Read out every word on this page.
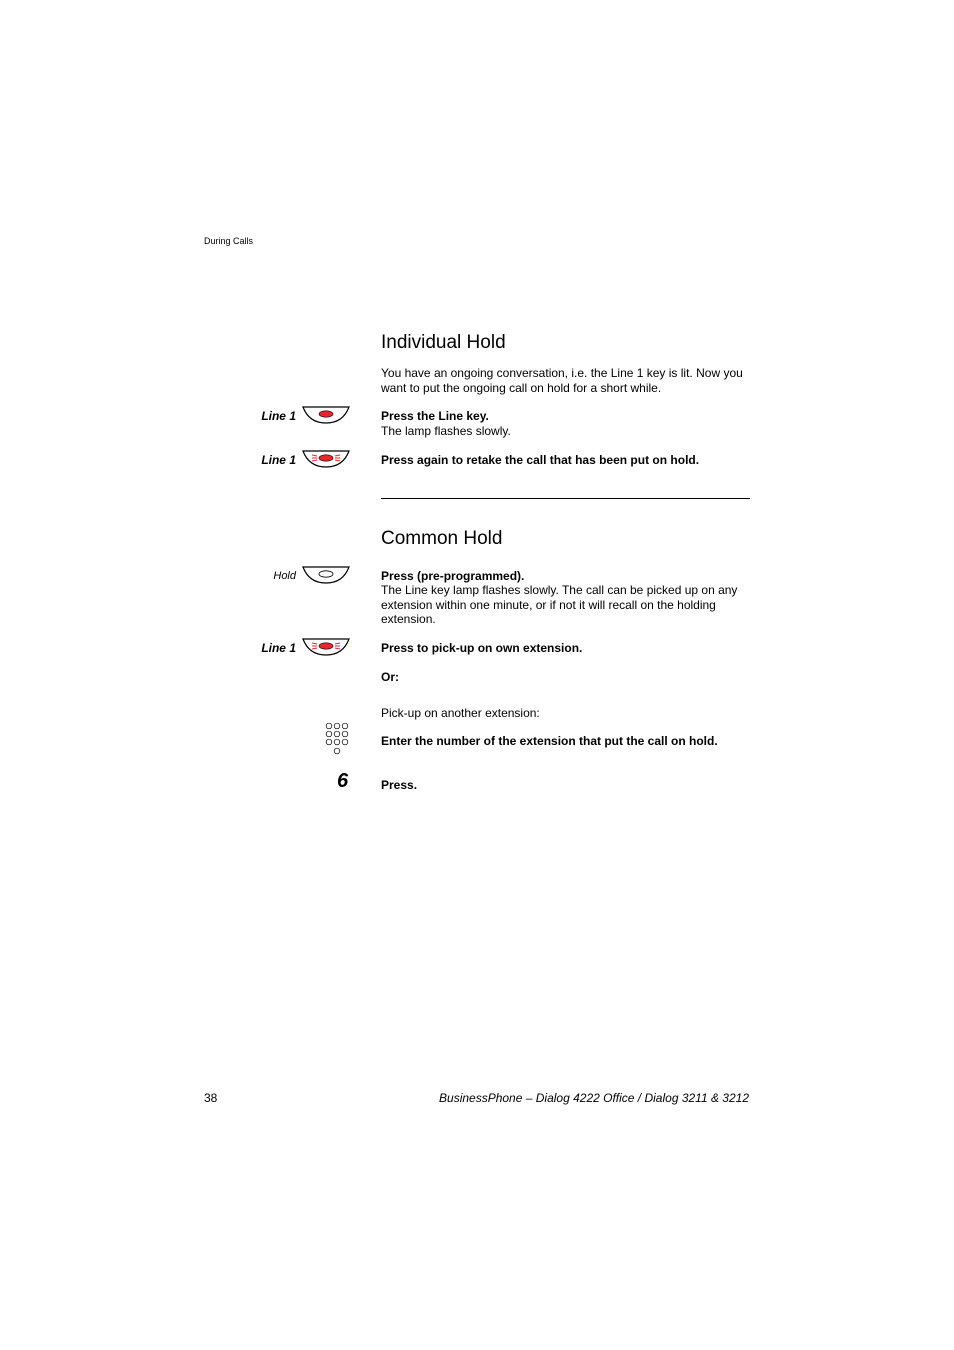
During Calls
Individual Hold
You have an ongoing conversation, i.e. the Line 1 key is lit. Now you want to put the ongoing call on hold for a short while.
Line 1	Press the Line key.
The lamp flashes slowly.
Line 1	Press again to retake the call that has been put on hold.
Common Hold
Hold	Press (pre-programmed).
The Line key lamp flashes slowly. The call can be picked up on any extension within one minute, or if not it will recall on the holding extension.
Line 1	Press to pick-up on own extension.
Or:
Pick-up on another extension:
Enter the number of the extension that put the call on hold.
6	Press.
38	BusinessPhone – Dialog 4222 Office / Dialog 3211 & 3212
